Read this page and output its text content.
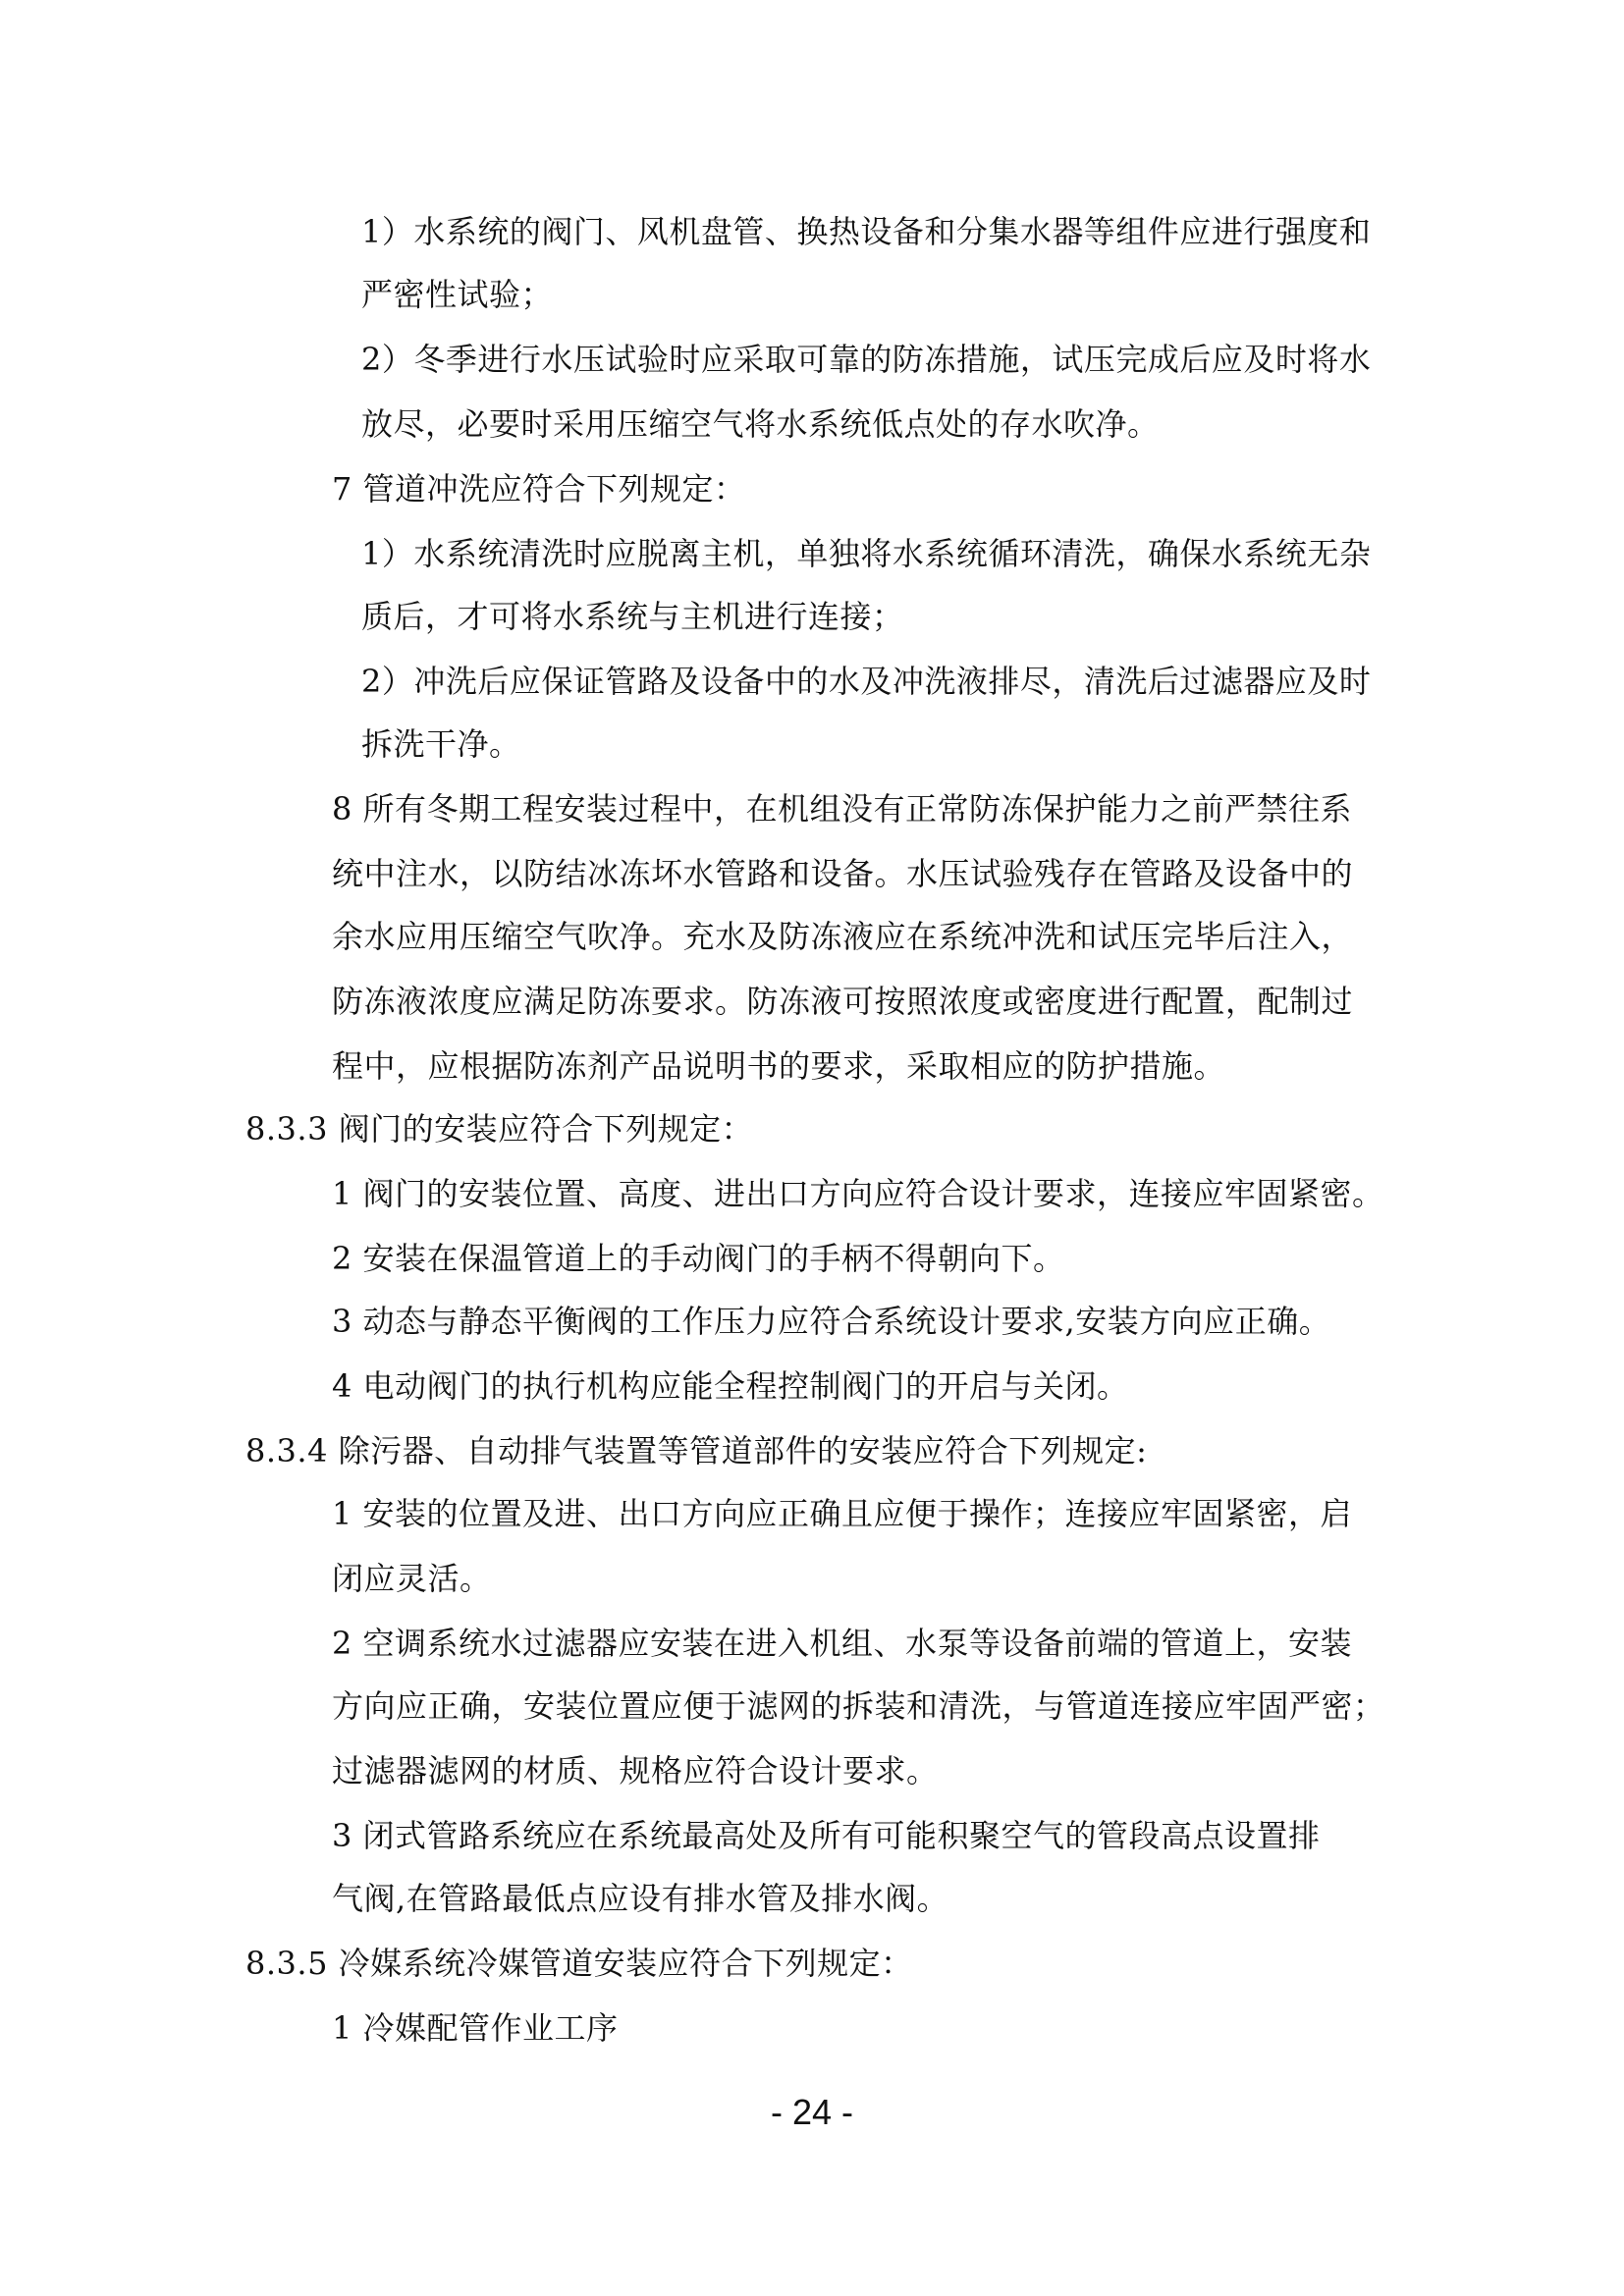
1）水系统的阀门、风机盘管、换热设备和分集水器等组件应进行强度和
严密性试验；
2）冬季进行水压试验时应采取可靠的防冻措施，试压完成后应及时将水
放尽，必要时采用压缩空气将水系统低点处的存水吹净。
7 管道冲洗应符合下列规定：
1）水系统清洗时应脱离主机，单独将水系统循环清洗，确保水系统无杂
质后，才可将水系统与主机进行连接；
2）冲洗后应保证管路及设备中的水及冲洗液排尽，清洗后过滤器应及时
拆洗干净。
8 所有冬期工程安装过程中，在机组没有正常防冻保护能力之前严禁往系
统中注水，以防结冰冻坏水管路和设备。水压试验残存在管路及设备中的
余水应用压缩空气吹净。充水及防冻液应在系统冲洗和试压完毕后注入，
防冻液浓度应满足防冻要求。防冻液可按照浓度或密度进行配置，配制过
程中，应根据防冻剂产品说明书的要求，采取相应的防护措施。
8.3.3 阀门的安装应符合下列规定：
1 阀门的安装位置、高度、进出口方向应符合设计要求，连接应牢固紧密。
2 安装在保温管道上的手动阀门的手柄不得朝向下。
3 动态与静态平衡阀的工作压力应符合系统设计要求,安装方向应正确。
4 电动阀门的执行机构应能全程控制阀门的开启与关闭。
8.3.4 除污器、自动排气装置等管道部件的安装应符合下列规定:
1 安装的位置及进、出口方向应正确且应便于操作；连接应牢固紧密，启
闭应灵活。
2 空调系统水过滤器应安装在进入机组、水泵等设备前端的管道上，安装
方向应正确，安装位置应便于滤网的拆装和清洗，与管道连接应牢固严密；
过滤器滤网的材质、规格应符合设计要求。
3 闭式管路系统应在系统最高处及所有可能积聚空气的管段高点设置排
气阀,在管路最低点应设有排水管及排水阀。
8.3.5 冷媒系统冷媒管道安装应符合下列规定：
1 冷媒配管作业工序
- 24 -
